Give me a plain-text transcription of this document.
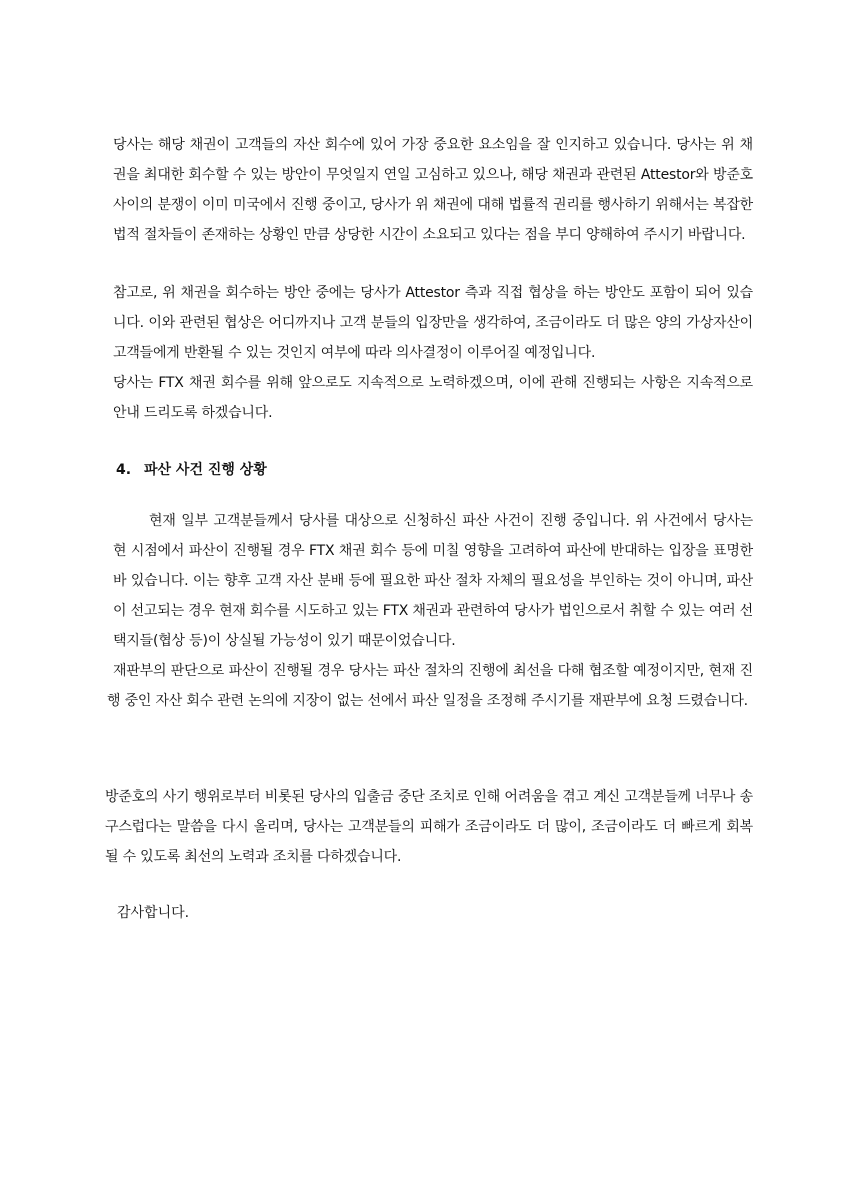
당사는 해당 채권이 고객들의 자산 회수에 있어 가장 중요한 요소임을 잘 인지하고 있습니다. 당사는 위 채권을 최대한 회수할 수 있는 방안이 무엇일지 연일 고심하고 있으나, 해당 채권과 관련된 Attestor와 방준호 사이의 분쟁이 이미 미국에서 진행 중이고, 당사가 위 채권에 대해 법률적 권리를 행사하기 위해서는 복잡한 법적 절차들이 존재하는 상황인 만큼 상당한 시간이 소요되고 있다는 점을 부디 양해하여 주시기 바랍니다.

참고로, 위 채권을 회수하는 방안 중에는 당사가 Attestor 측과 직접 협상을 하는 방안도 포함이 되어 있습니다. 이와 관련된 협상은 어디까지나 고객 분들의 입장만을 생각하여, 조금이라도 더 많은 양의 가상자산이 고객들에게 반환될 수 있는 것인지 여부에 따라 의사결정이 이루어질 예정입니다.

당사는 FTX 채권 회수를 위해 앞으로도 지속적으로 노력하겠으며, 이에 관해 진행되는 사항은 지속적으로 안내 드리도록 하겠습니다.

4. 파산 사건 진행 상황

현재 일부 고객분들께서 당사를 대상으로 신청하신 파산 사건이 진행 중입니다. 위 사건에서 당사는 현 시점에서 파산이 진행될 경우 FTX 채권 회수 등에 미칠 영향을 고려하여 파산에 반대하는 입장을 표명한 바 있습니다. 이는 향후 고객 자산 분배 등에 필요한 파산 절차 자체의 필요성을 부인하는 것이 아니며, 파산이 선고되는 경우 현재 회수를 시도하고 있는 FTX 채권과 관련하여 당사가 법인으로서 취할 수 있는 여러 선택지들(협상 등)이 상실될 가능성이 있기 때문이었습니다.

재판부의 판단으로 파산이 진행될 경우 당사는 파산 절차의 진행에 최선을 다해 협조할 예정이지만, 현재 진행 중인 자산 회수 관련 논의에 지장이 없는 선에서 파산 일정을 조정해 주시기를 재판부에 요청 드렸습니다.

방준호의 사기 행위로부터 비롯된 당사의 입출금 중단 조치로 인해 어려움을 겪고 계신 고객분들께 너무나 송구스럽다는 말씀을 다시 올리며, 당사는 고객분들의 피해가 조금이라도 더 많이, 조금이라도 더 빠르게 회복될 수 있도록 최선의 노력과 조치를 다하겠습니다.

감사합니다.
